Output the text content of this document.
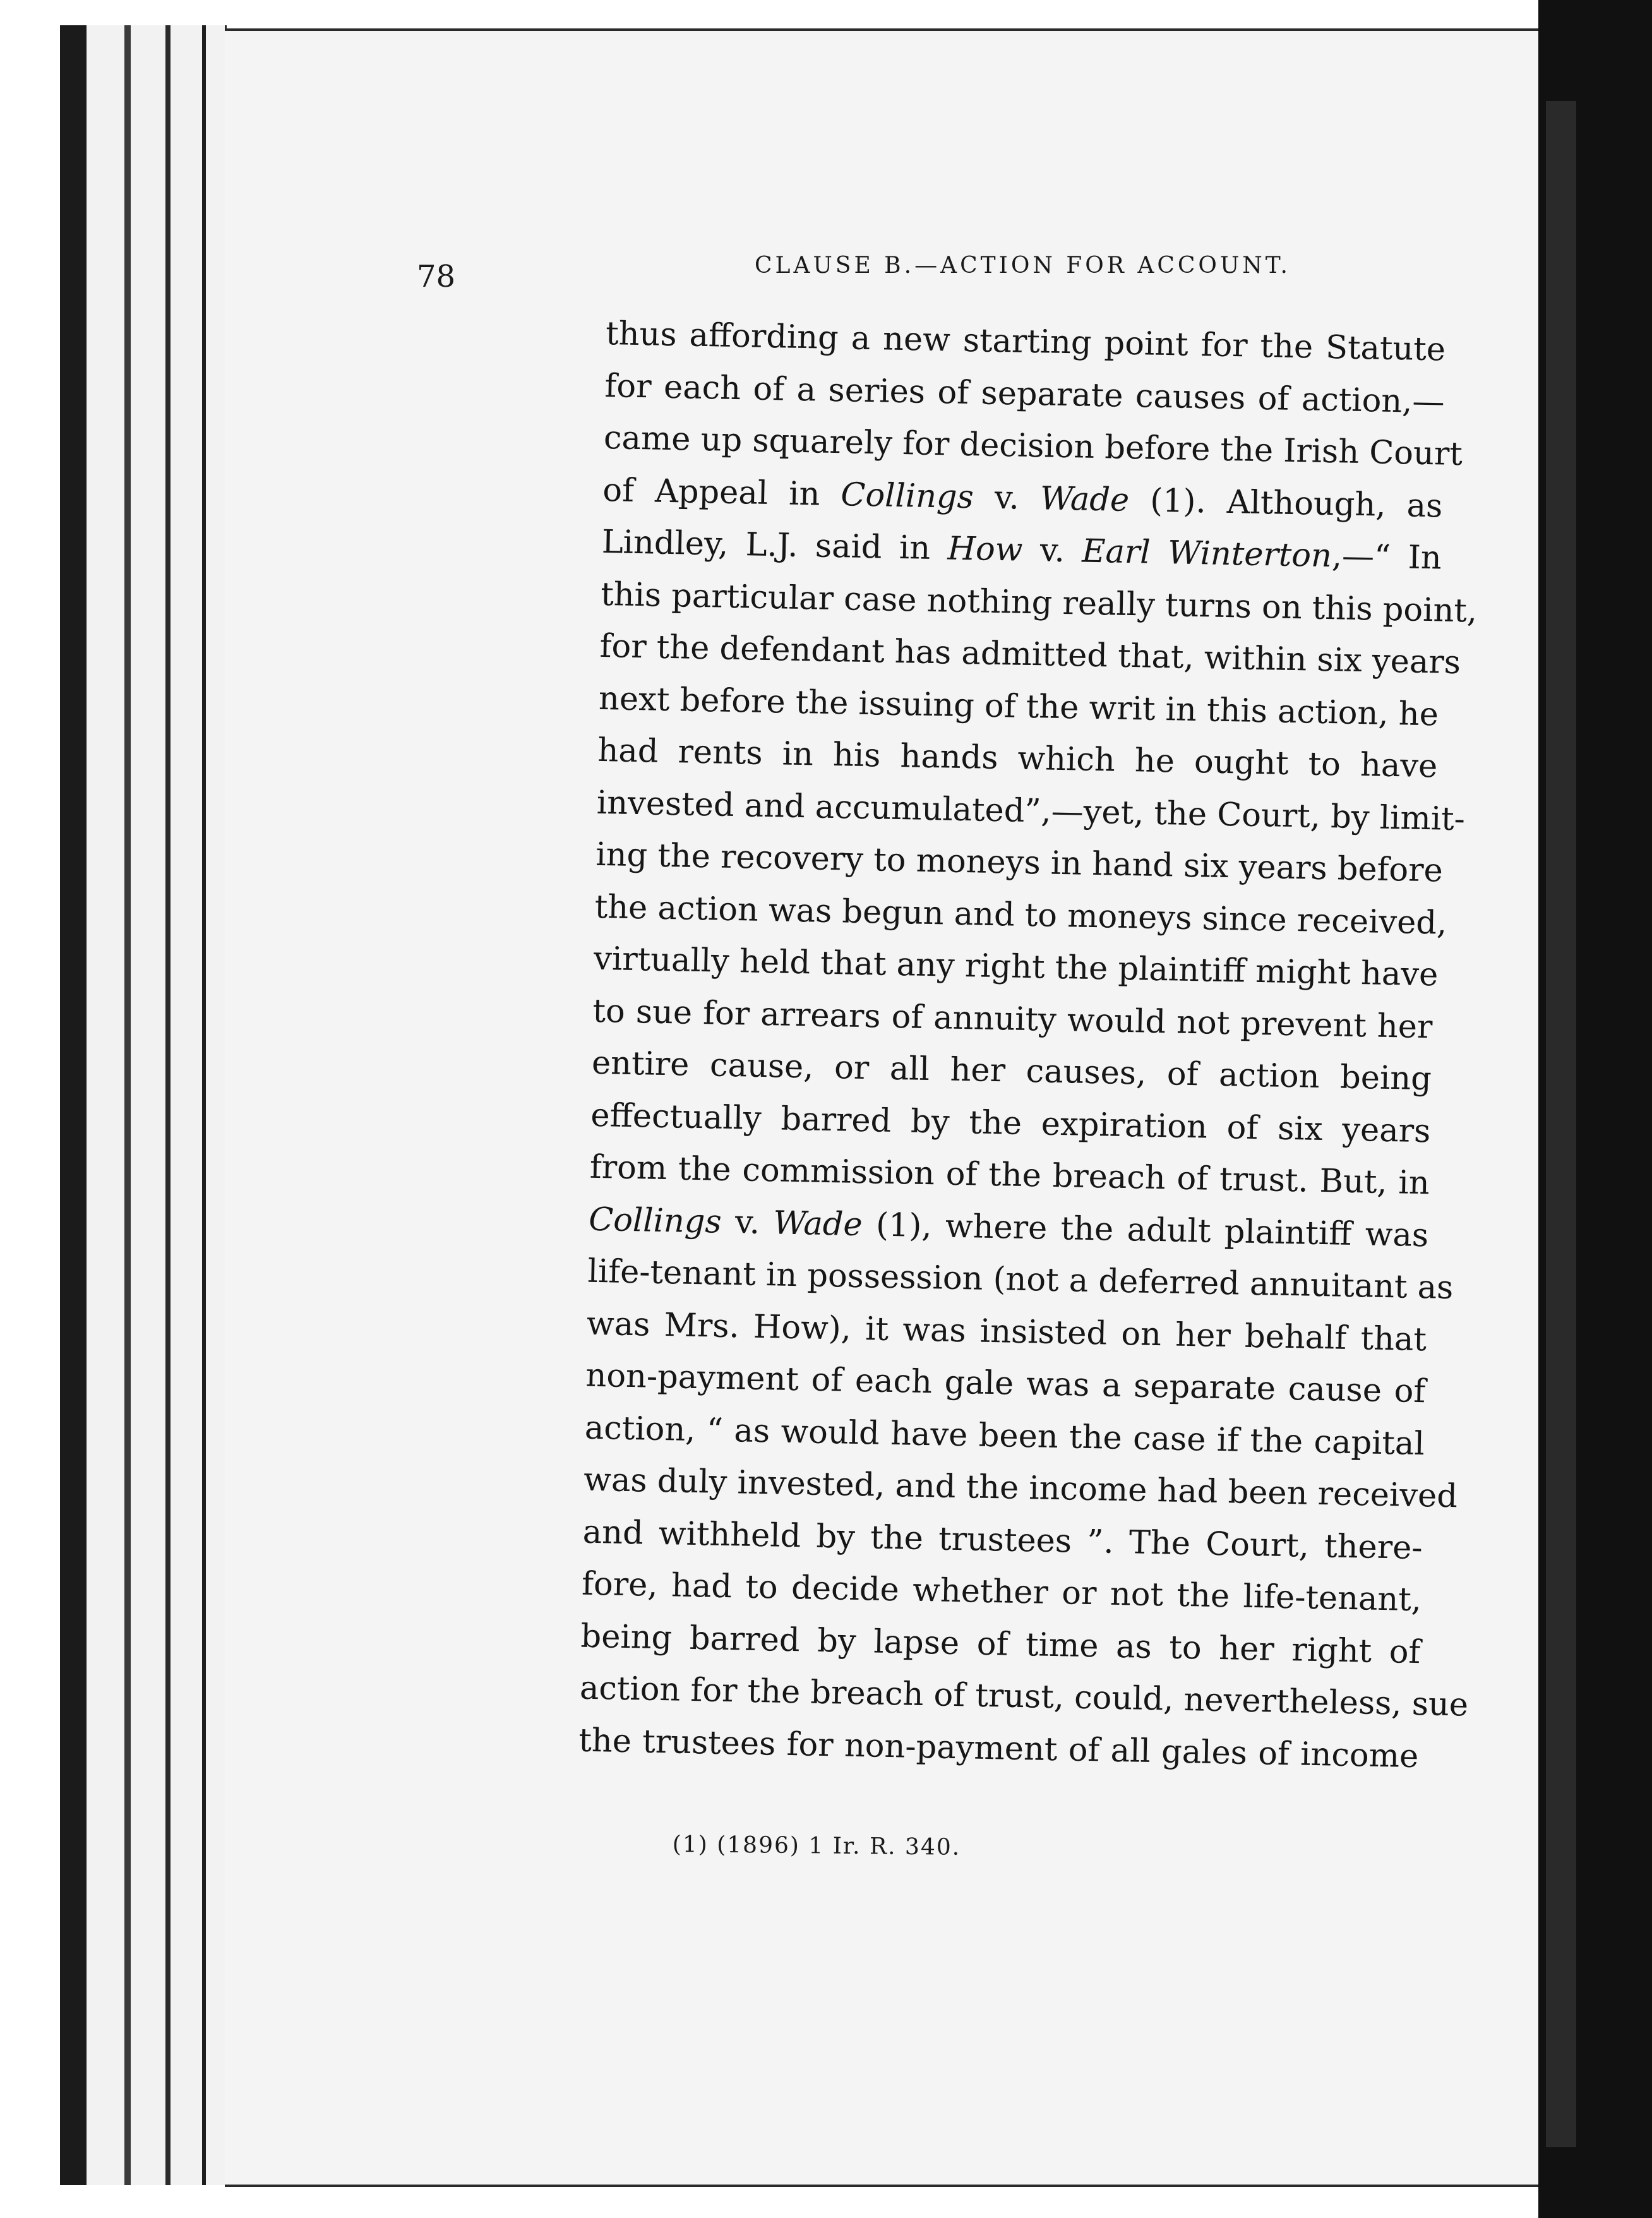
78	CLAUSE B.—ACTION FOR ACCOUNT.
thus affording a new starting point for the Statute
for each of a series of separate causes of action,—
came up squarely for decision before the Irish Court
of Appeal in Collings v. Wade (1). Although, as
Lindley, L.J. said in How v. Earl Winterton,—“ In
this particular case nothing really turns on this point,
for the defendant has admitted that, within six years
next before the issuing of the writ in this action, he
had rents in his hands which he ought to have
invested and accumulated”,—yet, the Court, by limit-
ing the recovery to moneys in hand six years before
the action was begun and to moneys since received,
virtually held that any right the plaintiff might have
to sue for arrears of annuity would not prevent her
entire cause, or all her causes, of action being
effectually barred by the expiration of six years
from the commission of the breach of trust. But, in
Collings v. Wade (1), where the adult plaintiff was
life-tenant in possession (not a deferred annuitant as
was Mrs. How), it was insisted on her behalf that
non-payment of each gale was a separate cause of
action, “ as would have been the case if the capital
was duly invested, and the income had been received
and withheld by the trustees ”. The Court, there-
fore, had to decide whether or not the life-tenant,
being barred by lapse of time as to her right of
action for the breach of trust, could, nevertheless, sue
the trustees for non-payment of all gales of income
(1) (1896) 1 Ir. R. 340.
